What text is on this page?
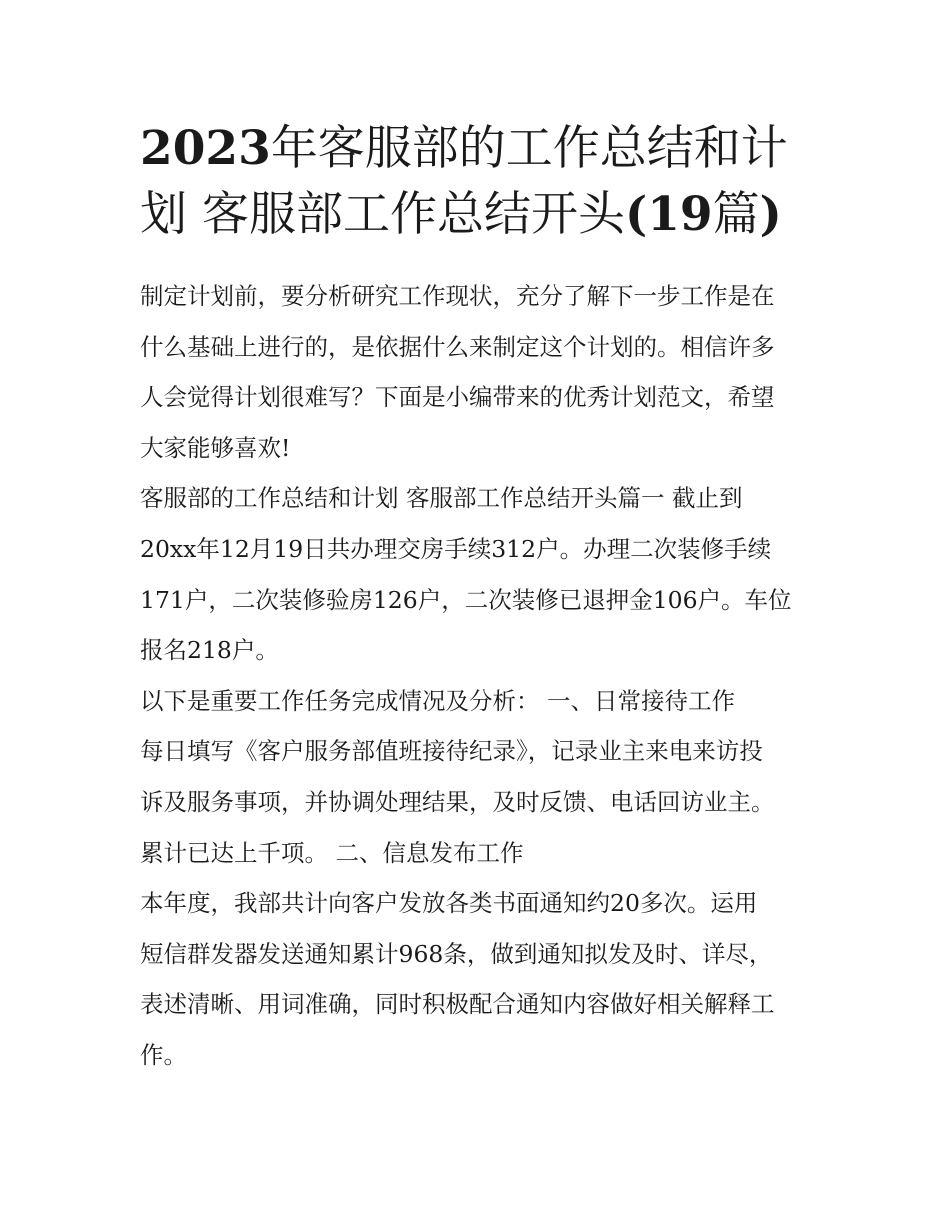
2023年客服部的工作总结和计
划 客服部工作总结开头(19篇)
制定计划前，要分析研究工作现状，充分了解下一步工作是在
什么基础上进行的，是依据什么来制定这个计划的。相信许多
人会觉得计划很难写？下面是小编带来的优秀计划范文，希望
大家能够喜欢!
客服部的工作总结和计划 客服部工作总结开头篇一 截止到
20xx年12月19日共办理交房手续312户。办理二次装修手续
171户，二次装修验房126户，二次装修已退押金106户。车位
报名218户。
以下是重要工作任务完成情况及分析： 一、日常接待工作
每日填写《客户服务部值班接待纪录》，记录业主来电来访投
诉及服务事项，并协调处理结果，及时反馈、电话回访业主。
累计已达上千项。 二、信息发布工作
本年度，我部共计向客户发放各类书面通知约20多次。运用
短信群发器发送通知累计968条，做到通知拟发及时、详尽，
表述清晰、用词准确，同时积极配合通知内容做好相关解释工
作。
